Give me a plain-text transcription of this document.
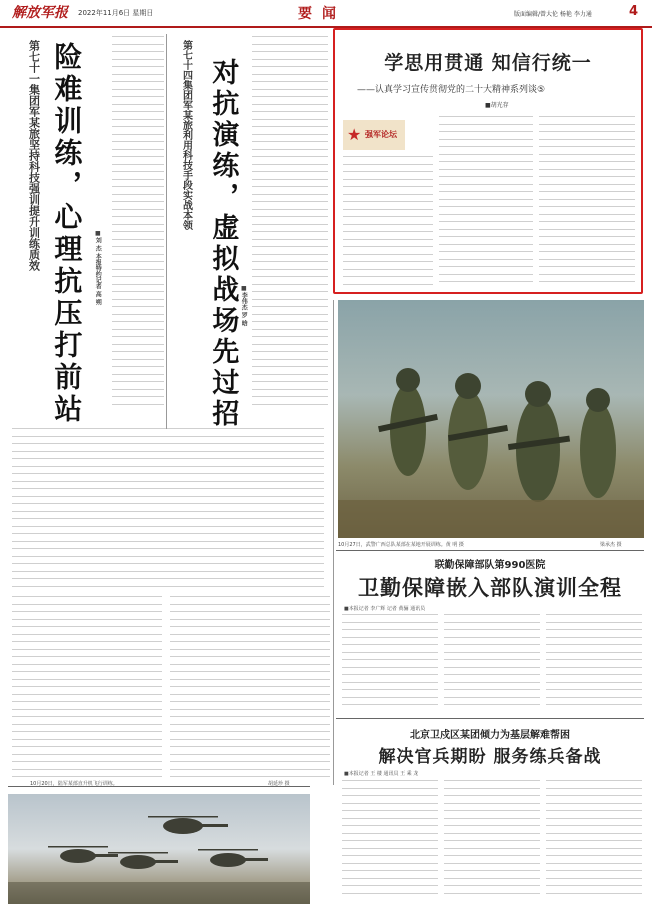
解放军报 2022年11月6日 星期日	要闻	版面编辑/曾大伦 杨艳 李力通	4
第七十一集团军某旅坚持科技强训提升训练质效 险难训练，心理抗压打前站 ■刘 杰 本报特约记者 高 朔
第七十四集团军某旅利用科技手段实战本领 对抗演练，虚拟战场先过招 ■李伟杰 罗 晗
学思用贯通 知信行统一
——认真学习宣传贯彻党的二十大精神系列谈⑤
■胡光存
★ 强军论坛
10月27日，武警广西总队某部在某地开展训练。黄 明 摄	梁承杰 摄
联勤保障部队第990医院
卫勤保障嵌入部队演训全程
■本报记者 李广辉 记者 黄骊 通讯员
10月20日，陆军某部直升机飞行训练。	胡延珍 摄
北京卫戍区某团倾力为基层解难帮困
解决官兵期盼 服务练兵备战
■本报记者 王 楼 通讯员 王 乘 龙
